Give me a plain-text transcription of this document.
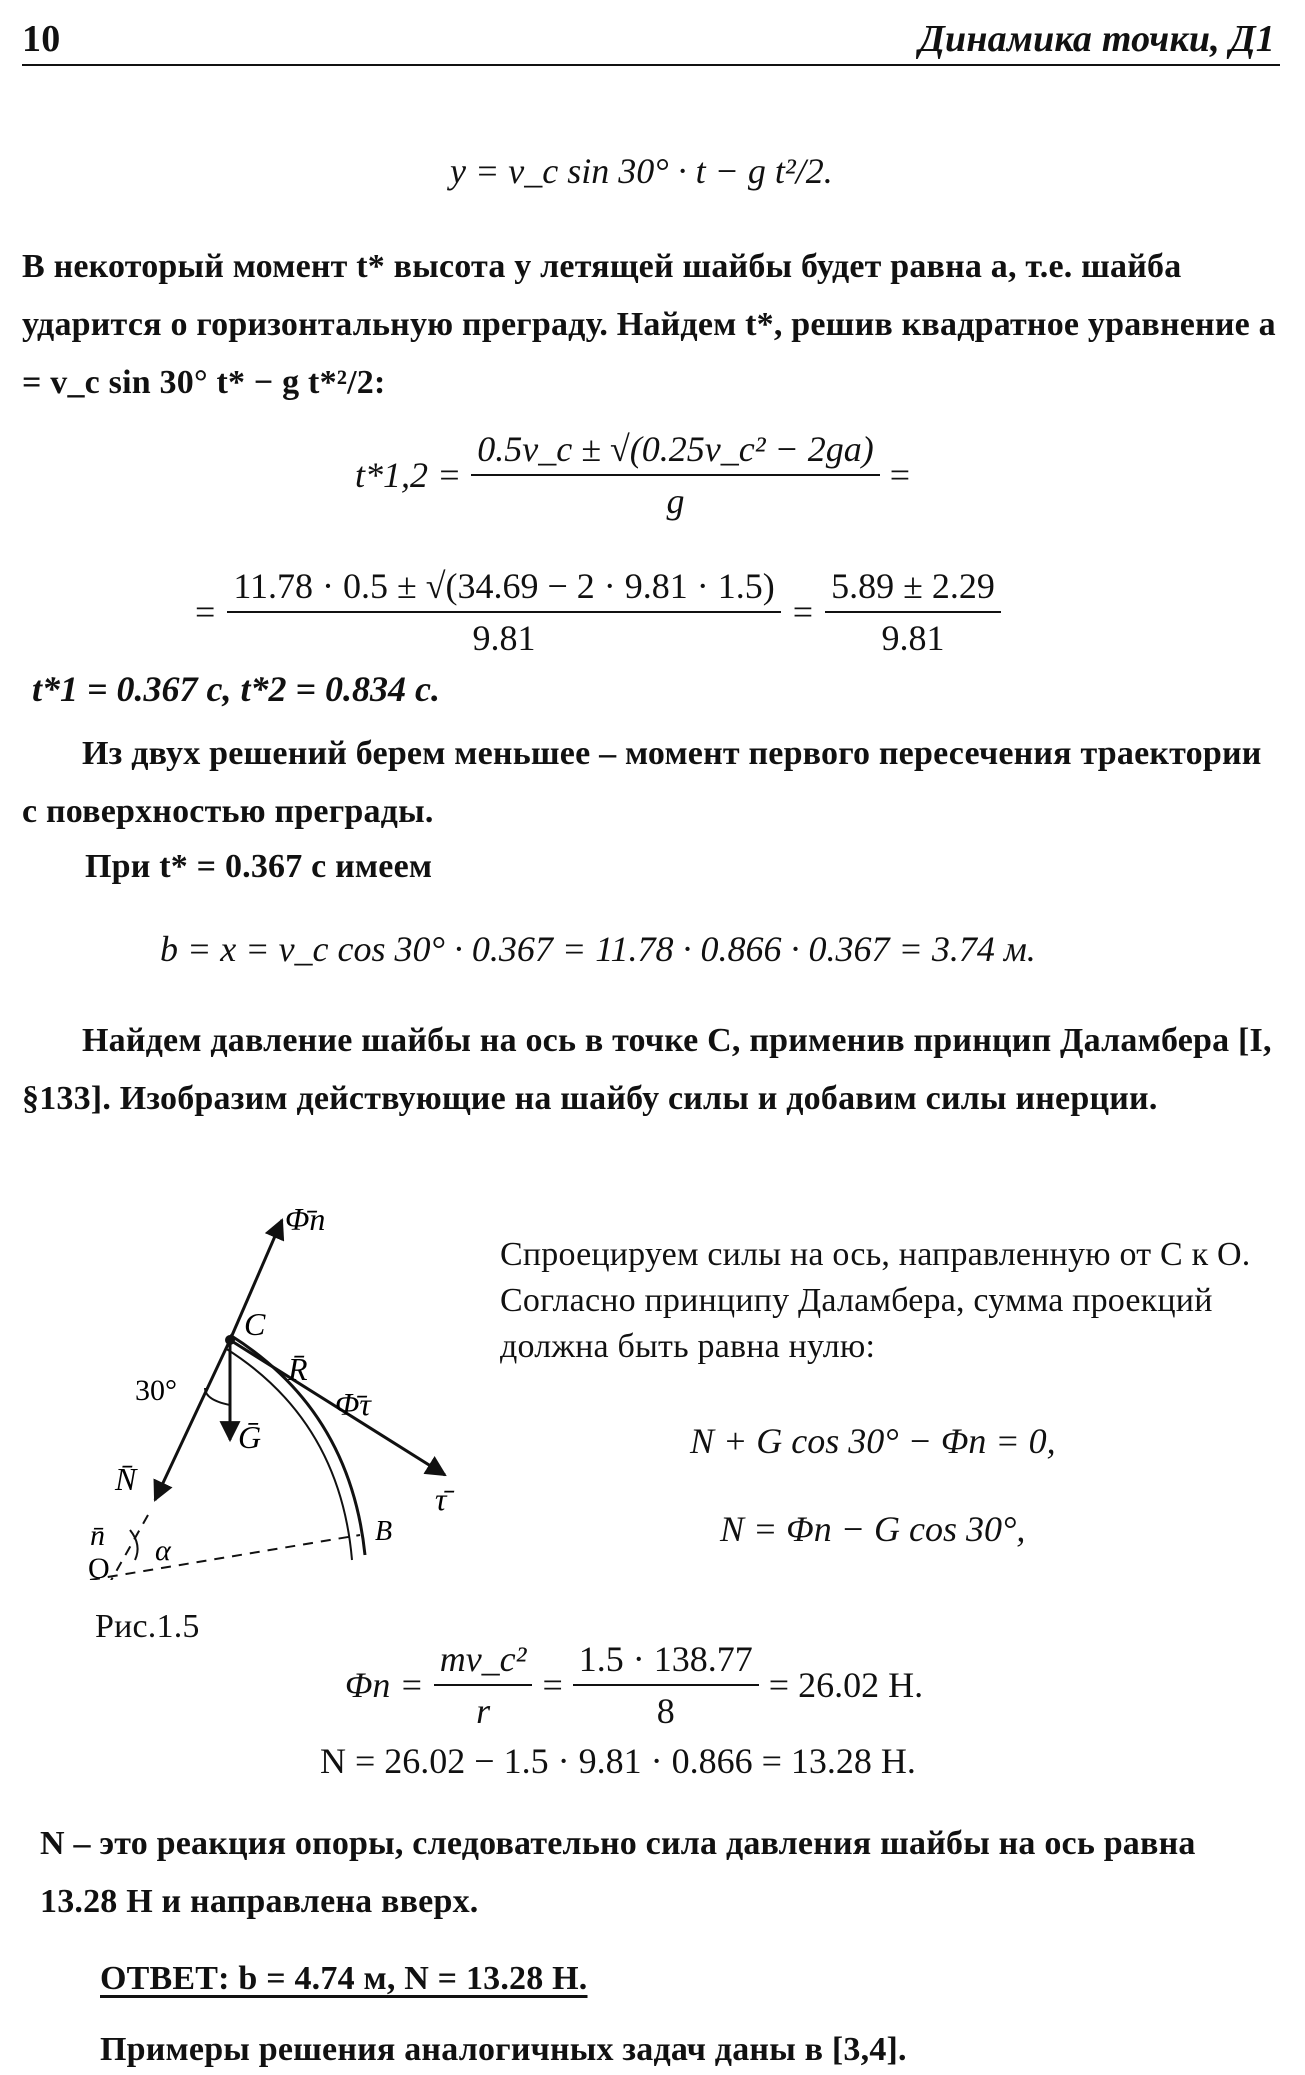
10	Динамика точки, Д1
y = v_c sin 30° · t − g t²/2.
В некоторый момент t* высота y летящей шайбы будет равна a, т.е. шайба ударится о горизонтальную преграду. Найдем t*, решив квадратное уравнение a = v_c sin 30° t* − g t*²/2:
$t*1,2 = \frac{\text{0.5v\_c ± √(0.25v\_c² − 2ga)}}{g}$ =
= $\frac{11.78 \cdot 0.5 \pm √(34.69 - 2 \cdot 9.81 \cdot 1.5)}{9.81} = \frac{5.89 \pm 2.29}{9.81}$
t*1 = 0.367 с, t*2 = 0.834 с.
Из двух решений берем меньшее – момент первого пересечения траектории с поверхностью преграды.
При t* = 0.367 с имеем
b = x = v_c cos 30° · 0.367 = 11.78 · 0.866 · 0.367 = 3.74 м.
Найдем давление шайбы на ось в точке C, применив принцип Даламбера [I, §133]. Изобразим действующие на шайбу силы и добавим силы инерции.
Φ̄n
C
R̄
Φ̄τ
30°
Ḡ
N̄
τ̄
B
n̄ α
O
Рис.1.5
Спроецируем силы на ось, направленную от C к O. Согласно принципу Даламбера, сумма проекций должна быть равна нулю:
N + G cos 30° − Φn = 0,
N = Φn − G cos 30°,
$\Phi n = \frac{\text{mv\_c²}}{r} = \frac{1.5 \cdot 138.77}{8} = 26.02$ Н.
N = 26.02 − 1.5 · 9.81 · 0.866 = 13.28 Н.
N – это реакция опоры, следовательно сила давления шайбы на ось равна 13.28 Н и направлена вверх.
ОТВЕТ: b = 4.74 м, N = 13.28 Н.
Примеры решения аналогичных задач даны в [3,4].
